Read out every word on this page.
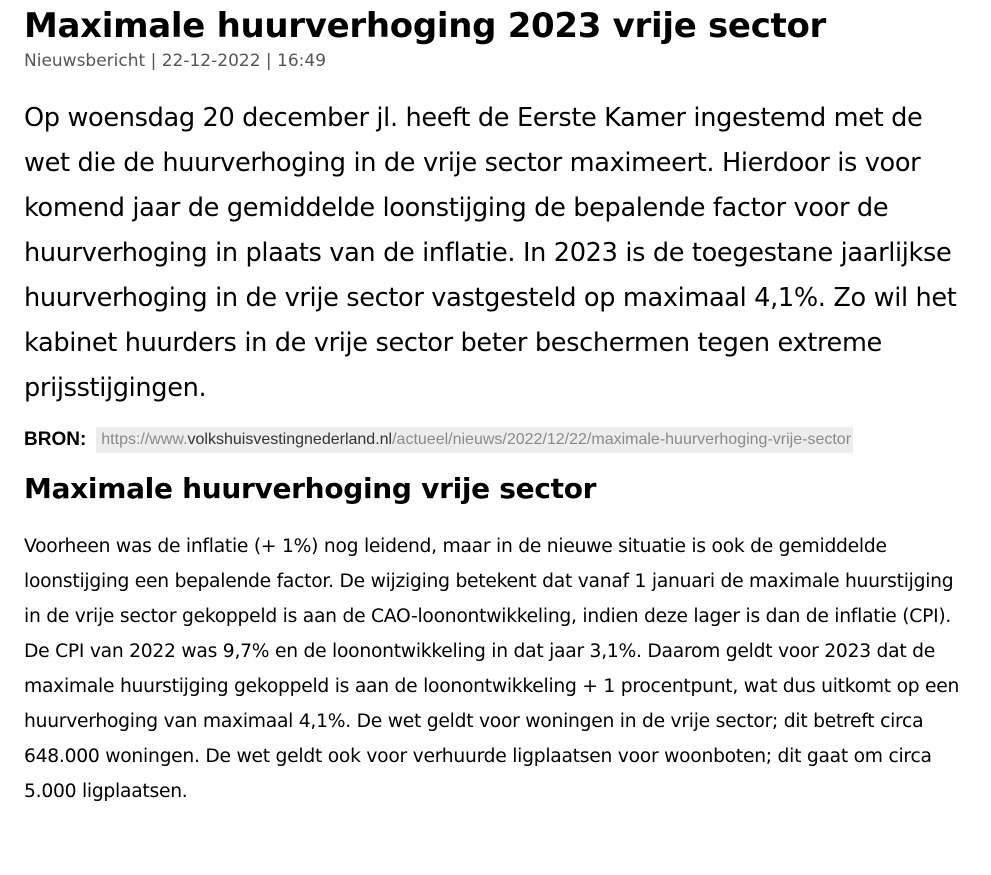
Maximale huurverhoging 2023 vrije sector
Nieuwsbericht | 22-12-2022 | 16:49

Op woensdag 20 december jl. heeft de Eerste Kamer ingestemd met de wet die de huurverhoging in de vrije sector maximeert. Hierdoor is voor komend jaar de gemiddelde loonstijging de bepalende factor voor de huurverhoging in plaats van de inflatie. In 2023 is de toegestane jaarlijkse huurverhoging in de vrije sector vastgesteld op maximaal 4,1%. Zo wil het kabinet huurders in de vrije sector beter beschermen tegen extreme prijsstijgingen.

BRON: https://www.volkshuisvestingnederland.nl/actueel/nieuws/2022/12/22/maximale-huurverhoging-vrije-sector
Maximale huurverhoging vrije sector

Voorheen was de inflatie (+ 1%) nog leidend, maar in de nieuwe situatie is ook de gemiddelde loonstijging een bepalende factor. De wijziging betekent dat vanaf 1 januari de maximale huurstijging in de vrije sector gekoppeld is aan de CAO-loonontwikkeling, indien deze lager is dan de inflatie (CPI). De CPI van 2022 was 9,7% en de loonontwikkeling in dat jaar 3,1%. Daarom geldt voor 2023 dat de maximale huurstijging gekoppeld is aan de loonontwikkeling + 1 procentpunt, wat dus uitkomt op een huurverhoging van maximaal 4,1%. De wet geldt voor woningen in de vrije sector; dit betreft circa 648.000 woningen. De wet geldt ook voor verhuurde ligplaatsen voor woonboten; dit gaat om circa 5.000 ligplaatsen.
